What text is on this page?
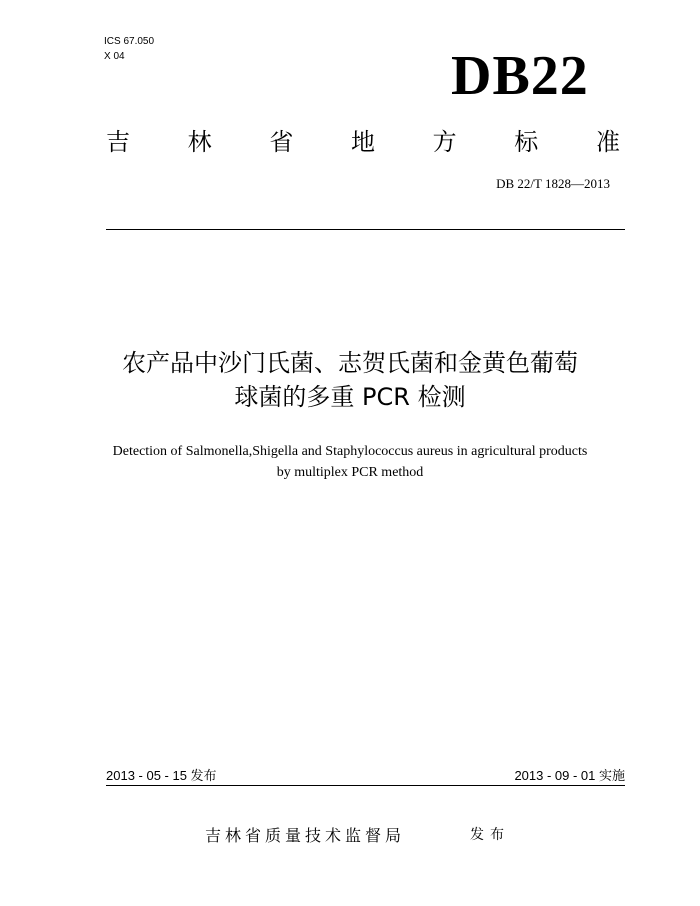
ICS 67.050
X 04	DB22
吉 林 省 地 方 标 准
DB 22/T 1828—2013
农产品中沙门氏菌、志贺氏菌和金黄色葡萄
球菌的多重 PCR 检测
Detection of Salmonella,Shigella and Staphylococcus aureus in agricultural products
by multiplex PCR method
2013 - 05 - 15 发布	2013 - 09 - 01 实施
吉林省质量技术监督局	发布
